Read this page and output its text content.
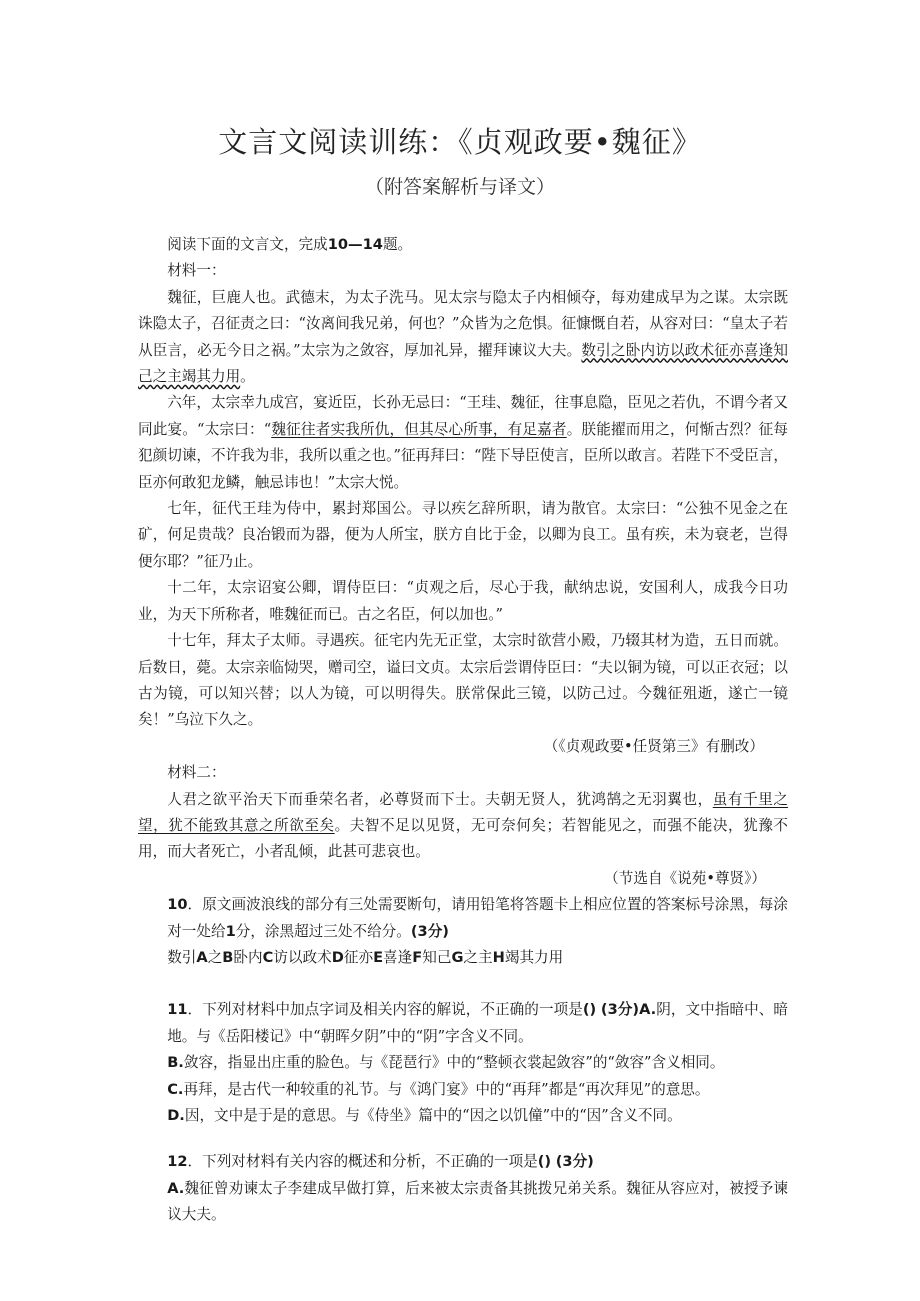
文言文阅读训练：《贞观政要•魏征》
（附答案解析与译文）

阅读下面的文言文，完成10—14题。

材料一：

魏征，巨鹿人也。武德末，为太子洗马。见太宗与隐太子内相倾夺，每劝建成早为之谋。太宗既诛隐太子，召征责之曰：“汝离间我兄弟，何也？”众皆为之危惧。征慷慨自若，从容对曰：“皇太子若从臣言，必无今日之祸。”太宗为之敛容，厚加礼异，擢拜谏议大夫。数引之卧内访以政术征亦喜逢知己之主竭其力用。

六年，太宗幸九成宫，宴近臣，长孙无忌曰：“王珪、魏征，往事息隐，臣见之若仇，不谓今者又同此宴。“太宗曰：“魏征往者实我所仇，但其尽心所事，有足嘉者。朕能擢而用之，何惭古烈？征每犯颜切谏，不许我为非，我所以重之也。”征再拜曰：“陛下导臣使言，臣所以敢言。若陛下不受臣言，臣亦何敢犯龙鳞，触忌讳也！”太宗大悦。

七年，征代王珪为侍中，累封郑国公。寻以疾乞辞所职，请为散官。太宗曰：“公独不见金之在矿，何足贵哉？良冶锻而为器，便为人所宝，朕方自比于金，以卿为良工。虽有疾，未为衰老，岂得便尔耶？”征乃止。

十二年，太宗诏宴公卿，谓侍臣曰：“贞观之后，尽心于我，献纳忠说，安国利人，成我今日功业，为天下所称者，唯魏征而已。古之名臣，何以加也。”

十七年，拜太子太师。寻遇疾。征宅内先无正堂，太宗时欲营小殿，乃辍其材为造，五日而就。后数日，薨。太宗亲临恸哭，赠司空，谥曰文贞。太宗后尝谓侍臣曰：“夫以铜为镜，可以正衣冠；以古为镜，可以知兴替；以人为镜，可以明得失。朕常保此三镜，以防己过。今魏征殂逝，遂亡一镜矣！”乌泣下久之。

（《贞观政要•任贤第三》有删改）

材料二：

人君之欲平治天下而垂荣名者，必尊贤而下士。夫朝无贤人，犹鸿鹄之无羽翼也，虽有千里之望，犹不能致其意之所欲至矣。夫智不足以见贤，无可奈何矣；若智能见之，而强不能决，犹豫不用，而大者死亡，小者乱倾，此甚可悲哀也。

（节选自《说苑•尊贤》）

10．原文画波浪线的部分有三处需要断句，请用铅笔将答题卡上相应位置的答案标号涂黑，每涂对一处给1分，涂黑超过三处不给分。(3分)

数引A之B卧内C访以政术D征亦E喜逢F知己G之主H竭其力用

11．下列对材料中加点字词及相关内容的解说，不正确的一项是() (3分)A.阴，文中指暗中、暗地。与《岳阳楼记》中“朝晖夕阴”中的“阴”字含义不同。

B.敛容，指显出庄重的脸色。与《琵琶行》中的“整顿衣裳起敛容”的“敛容”含义相同。

C.再拜，是古代一种较重的礼节。与《鸿门宴》中的“再拜”都是“再次拜见”的意思。

D.因，文中是于是的意思。与《侍坐》篇中的“因之以饥僮”中的“因”含义不同。

12．下列对材料有关内容的概述和分析，不正确的一项是() (3分)

A.魏征曾劝谏太子李建成早做打算，后来被太宗责备其挑拨兄弟关系。魏征从容应对，被授予谏议大夫。
